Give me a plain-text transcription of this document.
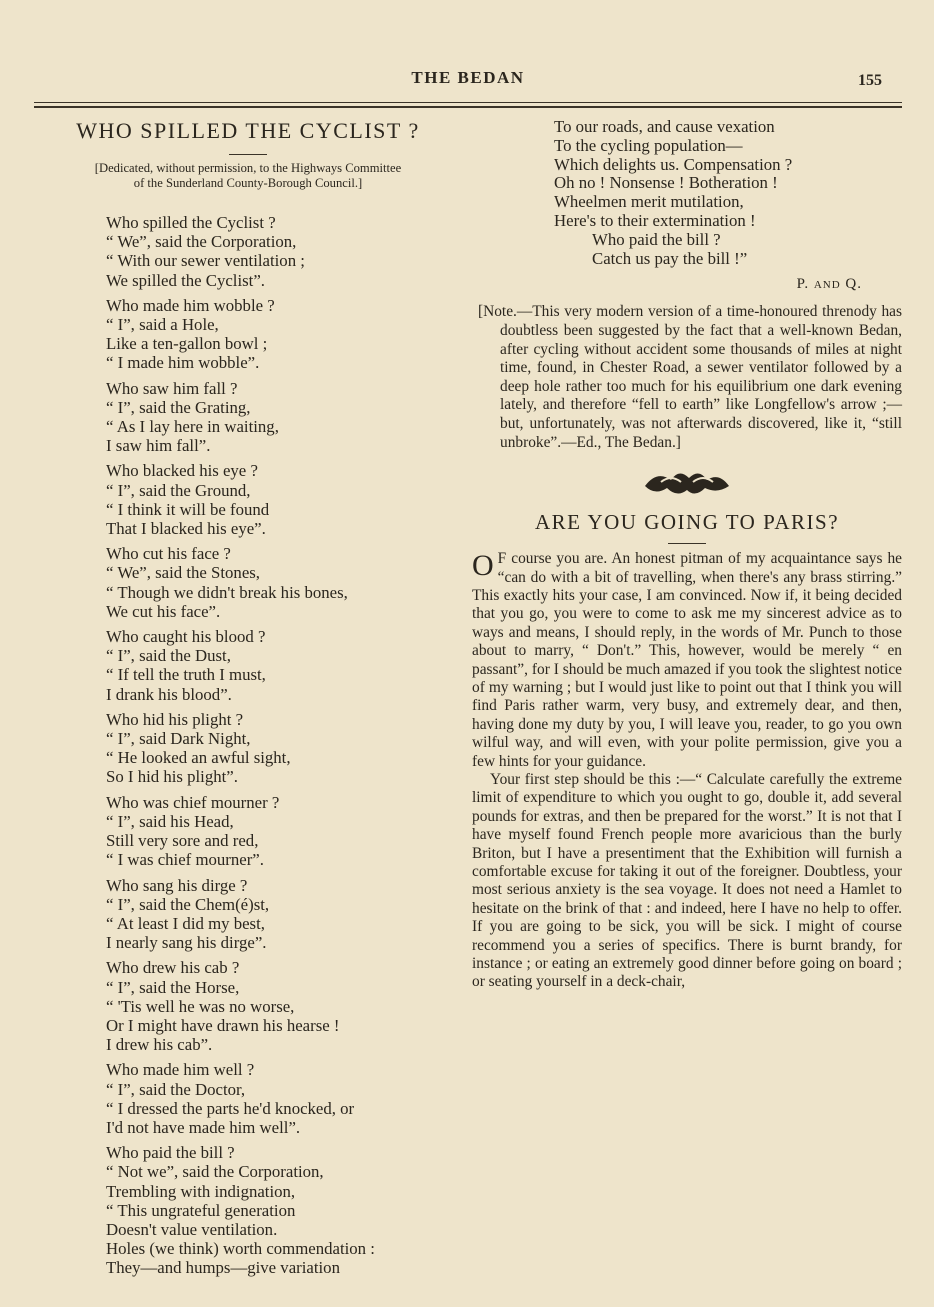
THE BEDAN	155
WHO SPILLED THE CYCLIST ?

[Dedicated, without permission, to the Highways Committee
of the Sunderland County-Borough Council.]

Who spilled the Cyclist ?
“ We”, said the Corporation,
“ With our sewer ventilation ;
We spilled the Cyclist”.
Who made him wobble ?
“ I”, said a Hole,
Like a ten-gallon bowl ;
“ I made him wobble”.
Who saw him fall ?
“ I”, said the Grating,
“ As I lay here in waiting,
I saw him fall”.
Who blacked his eye ?
“ I”, said the Ground,
“ I think it will be found
That I blacked his eye”.
Who cut his face ?
“ We”, said the Stones,
“ Though we didn't break his bones,
We cut his face”.
Who caught his blood ?
“ I”, said the Dust,
“ If tell the truth I must,
I drank his blood”.
Who hid his plight ?
“ I”, said Dark Night,
“ He looked an awful sight,
So I hid his plight”.
Who was chief mourner ?
“ I”, said his Head,
Still very sore and red,
“ I was chief mourner”.
Who sang his dirge ?
“ I”, said the Chem(é)st,
“ At least I did my best,
I nearly sang his dirge”.
Who drew his cab ?
“ I”, said the Horse,
“ 'Tis well he was no worse,
Or I might have drawn his hearse !
I drew his cab”.
Who made him well ?
“ I”, said the Doctor,
“ I dressed the parts he'd knocked, or
I'd not have made him well”.
Who paid the bill ?
“ Not we”, said the Corporation,
Trembling with indignation,
“ This ungrateful generation
Doesn't value ventilation.
Holes (we think) worth commendation :
They—and humps—give variation
To our roads, and cause vexation
To the cycling population—
Which delights us. Compensation ?
Oh no ! Nonsense ! Botheration !
Wheelmen merit mutilation,
Here's to their extermination !
Who paid the bill ?
Catch us pay the bill !”
P. and Q.

[Note.—This very modern version of a time-honoured threnody has doubtless been suggested by the fact that a well-known Bedan, after cycling without accident some thousands of miles at night time, found, in Chester Road, a sewer ventilator followed by a deep hole rather too much for his equilibrium one dark evening lately, and therefore “fell to earth” like Longfellow's arrow ;—but, unfortunately, was not afterwards discovered, like it, “still unbroke”.—Ed., The Bedan.]

ARE YOU GOING TO PARIS?

O F course you are. An honest pitman of my acquaintance says he “can do with a bit of travelling, when there's any brass stirring.” This exactly hits your case, I am convinced. Now if, it being decided that you go, you were to come to ask me my sincerest advice as to ways and means, I should reply, in the words of Mr. Punch to those about to marry, “ Don't.” This, however, would be merely “ en passant”, for I should be much amazed if you took the slightest notice of my warning ; but I would just like to point out that I think you will find Paris rather warm, very busy, and extremely dear, and then, having done my duty by you, I will leave you, reader, to go you own wilful way, and will even, with your polite permission, give you a few hints for your guidance.

Your first step should be this :—“ Calculate carefully the extreme limit of expenditure to which you ought to go, double it, add several pounds for extras, and then be prepared for the worst.” It is not that I have myself found French people more avaricious than the burly Briton, but I have a presentiment that the Exhibition will furnish a comfortable excuse for taking it out of the foreigner. Doubtless, your most serious anxiety is the sea voyage. It does not need a Hamlet to hesitate on the brink of that : and indeed, here I have no help to offer. If you are going to be sick, you will be sick. I might of course recommend you a series of specifics. There is burnt brandy, for instance ; or eating an extremely good dinner before going on board ; or seating yourself in a deck-chair,
